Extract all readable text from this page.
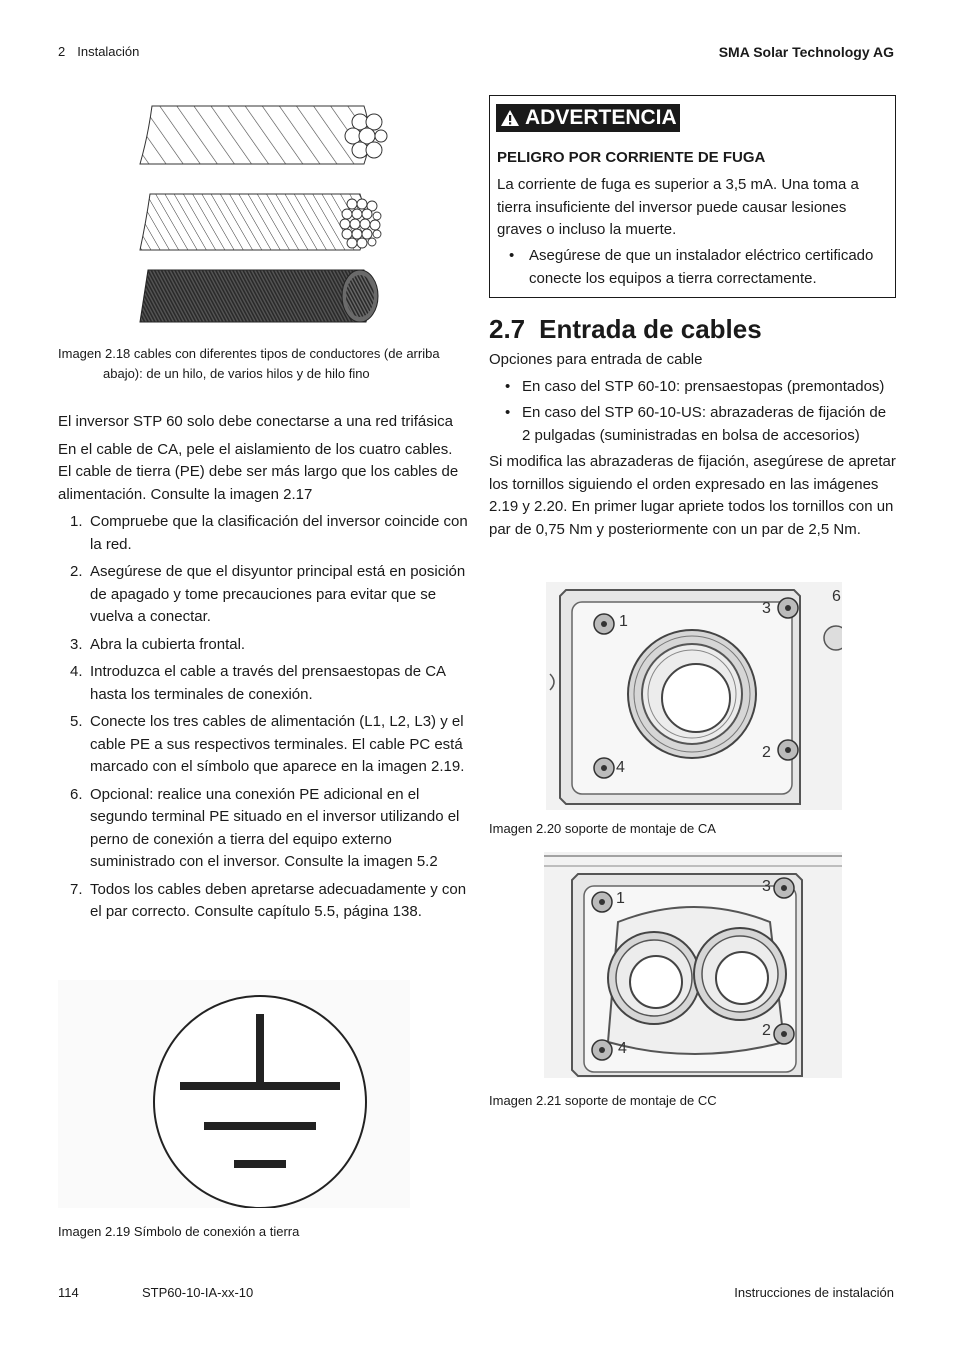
2 Instalación	SMA Solar Technology AG
Imagen 2.18 cables con diferentes tipos de conductores (de arriba
abajo): de un hilo, de varios hilos y de hilo fino

El inversor STP 60 solo debe conectarse a una red trifásica

En el cable de CA, pele el aislamiento de los cuatro cables. El cable de tierra (PE) debe ser más largo que los cables de alimentación. Consulte la imagen 2.17

1. Compruebe que la clasificación del inversor coincide con la red.
2. Asegúrese de que el disyuntor principal está en posición de apagado y tome precauciones para evitar que se vuelva a conectar.
3. Abra la cubierta frontal.
4. Introduzca el cable a través del prensaestopas de CA hasta los terminales de conexión.
5. Conecte los tres cables de alimentación (L1, L2, L3) y el cable PE a sus respectivos terminales. El cable PC está marcado con el símbolo que aparece en la imagen 2.19.
6. Opcional: realice una conexión PE adicional en el segundo terminal PE situado en el inversor utilizando el perno de conexión a tierra del equipo externo suministrado con el inversor. Consulte la imagen 5.2
7. Todos los cables deben apretarse adecuadamente y con el par correcto. Consulte capítulo 5.5, página 138.
Imagen 2.19 Símbolo de conexión a tierra
ADVERTENCIA
PELIGRO POR CORRIENTE DE FUGA
La corriente de fuga es superior a 3,5 mA. Una toma a tierra insuficiente del inversor puede causar lesiones graves o incluso la muerte.
• Asegúrese de que un instalador eléctrico certificado conecte los equipos a tierra correctamente.
2.7 Entrada de cables

Opciones para entrada de cable

• En caso del STP 60-10: prensaestopas (premontados)
• En caso del STP 60-10-US: abrazaderas de fijación de 2 pulgadas (suministradas en bolsa de accesorios)

Si modifica las abrazaderas de fijación, asegúrese de apretar los tornillos siguiendo el orden expresado en las imágenes 2.19 y 2.20. En primer lugar apriete todos los tornillos con un par de 0,75 Nm y posteriormente con un par de 2,5 Nm.

1
3
2
4
6
Imagen 2.20 soporte de montaje de CA
1
3
2
4
Imagen 2.21 soporte de montaje de CC
114	STP60-10-IA-xx-10	Instrucciones de instalación
